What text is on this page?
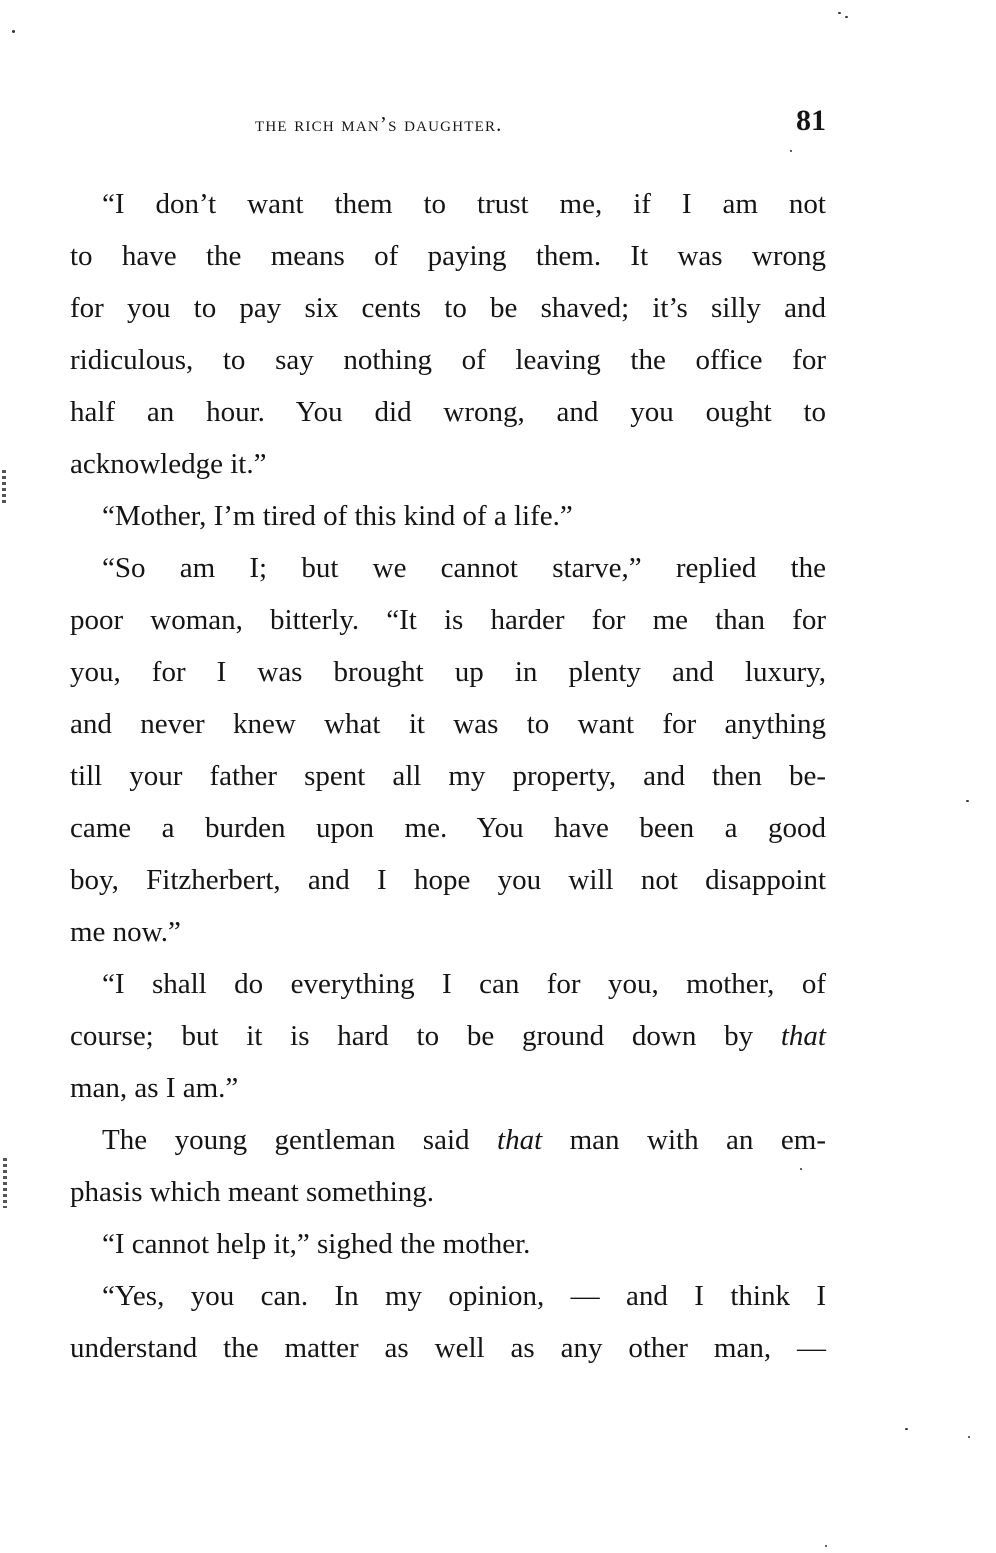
the rich man’s daughter.	81
“I don’t want them to trust me, if I am not
to have the means of paying them. It was wrong
for you to pay six cents to be shaved; it’s silly and
ridiculous, to say nothing of leaving the office for
half an hour. You did wrong, and you ought to
acknowledge it.”
“Mother, I’m tired of this kind of a life.”
“So am I; but we cannot starve,” replied the
poor woman, bitterly. “It is harder for me than for
you, for I was brought up in plenty and luxury,
and never knew what it was to want for anything
till your father spent all my property, and then be-
came a burden upon me. You have been a good
boy, Fitzherbert, and I hope you will not disappoint
me now.”
“I shall do everything I can for you, mother, of
course; but it is hard to be ground down by that
man, as I am.”
The young gentleman said that man with an em-
phasis which meant something.
“I cannot help it,” sighed the mother.
“Yes, you can. In my opinion, — and I think I
understand the matter as well as any other man, —
